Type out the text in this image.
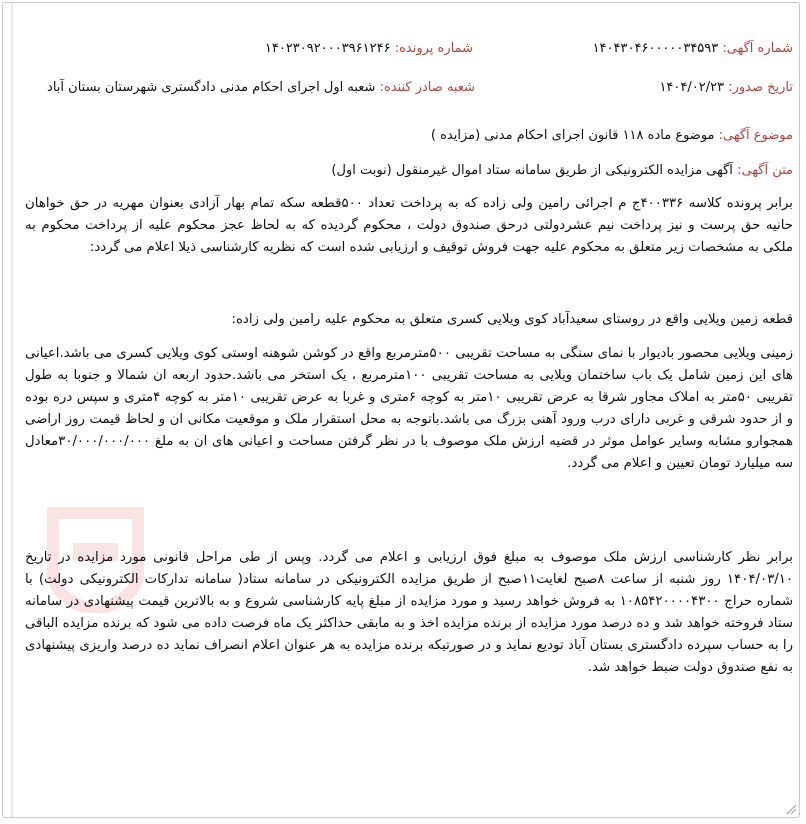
شماره آگهی: ۱۴۰۴۳۰۴۶۰۰۰۰۰۳۴۵۹۳
شماره پرونده: ۱۴۰۲۳۰۹۲۰۰۰۳۹۶۱۲۴۶
تاریخ صدور: ۱۴۰۴/۰۲/۲۳
شعبه صادر کننده: شعبه اول اجرای احکام مدنی دادگستری شهرستان بستان آباد
موضوع آگهی: موضوع ماده ۱۱۸ قانون اجرای احکام مدنی (مزایده )
متن آگهی: آگهی مزایده الکترونیکی از طریق سامانه ستاد اموال غیرمنقول (نوبت اول)
برابر پرونده کلاسه ۴۰۰۳۳۶ج م اجرائی رامین ولی زاده که به پرداخت تعداد ۵۰۰قطعه سکه تمام بهار آزادی بعنوان مهریه در حق خواهان حانیه حق پرست و نیز پرداخت نیم عشردولتی درحق صندوق دولت ، محکوم گردیده که به لحاظ عجز محکوم علیه از پرداخت محکوم به ملکی به مشخصات زیر متعلق به محکوم علیه جهت فروش توقیف و ارزیابی شده است که نظریه کارشناسی ذیلا اعلام می گردد:
قطعه زمین ویلایی واقع در روستای سعیدآباد کوی ویلایی کسری متعلق به محکوم علیه رامین ولی زاده:
زمینی ویلایی محصور بادیوار با نمای سنگی به مساحت تقریبی ۵۰۰مترمربع واقع در کوشن شوهنه اوستی کوی ویلایی کسری می باشد.اعیانی های این زمین شامل یک باب ساختمان ویلایی به مساحت تقریبی ۱۰۰مترمربع ، یک استخر می باشد.حدود اربعه ان شمالا و جنوبا به طول تقریبی ۵۰متر به املاک مجاور شرقا به عرض تقریبی ۱۰متر به کوچه ۶متری و غربا به عرض تقریبی ۱۰متر به کوچه ۴متری و سپس دره بوده و از حدود شرقی و غربی دارای درب ورود آهنی بزرگ می باشد.باتوجه به محل استقرار ملک و موقعیت مکانی ان و لحاظ قیمت روز اراضی همجوارو مشابه وسایر عوامل موثر در قضیه ارزش ملک موصوف با در نظر گرفتن مساحت و اعیانی های ان به ملغ ۳۰/۰۰۰/۰۰۰/۰۰۰معادل سه میلیارد تومان تعیین و اعلام می گردد.
برابر نظر کارشناسی ارزش ملک موصوف به مبلغ فوق ارزیابی و اعلام می گردد. وپس از طی مراحل قانونی مورد مزایده در تاریخ ۱۴۰۴/۰۳/۱۰ روز شنبه از ساعت ۸صبح لغایت۱۱صبح از طریق مزایده الکترونیکی در سامانه ستاد( سامانه تدارکات الکترونیکی دولت) با شماره حراج ۱۰۸۵۴۲۰۰۰۰۴۳۰۰ به فروش خواهد رسید و مورد مزایده از مبلغ پایه کارشناسی شروع و به بالاترین قیمت پیشنهادی در سامانه ستاد فروخته خواهد شد و ده درصد مورد مزایده از برنده مزایده اخذ و به مابقی حداکثر یک ماه فرصت داده می شود که برنده مزایده الباقی را به حساب سپرده دادگستری بستان آباد تودیع نماید و در صورتیکه برنده مزایده به هر عنوان اعلام انصراف نماید ده درصد واریزی پیشنهادی به نفع صندوق دولت ضبط خواهد شد.
